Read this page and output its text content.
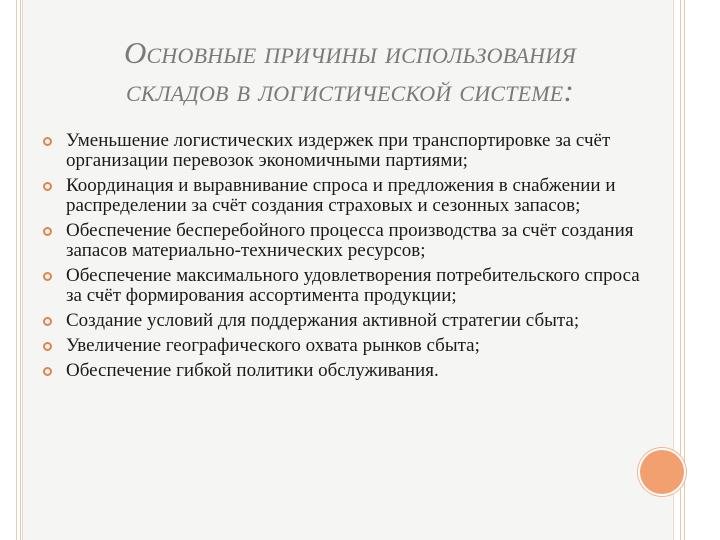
Основные причины использования
складов в логистической системе:
Уменьшение логистических издержек при транспортировке за счёт организации перевозок экономичными партиями;
Координация и выравнивание спроса и предложения в снабжении и распределении за счёт создания страховых и сезонных запасов;
Обеспечение бесперебойного процесса производства за счёт создания запасов материально-технических ресурсов;
Обеспечение максимального удовлетворения потребительского спроса за счёт формирования ассортимента продукции;
Создание условий для поддержания активной стратегии сбыта;
Увеличение географического охвата рынков сбыта;
Обеспечение гибкой политики обслуживания.
